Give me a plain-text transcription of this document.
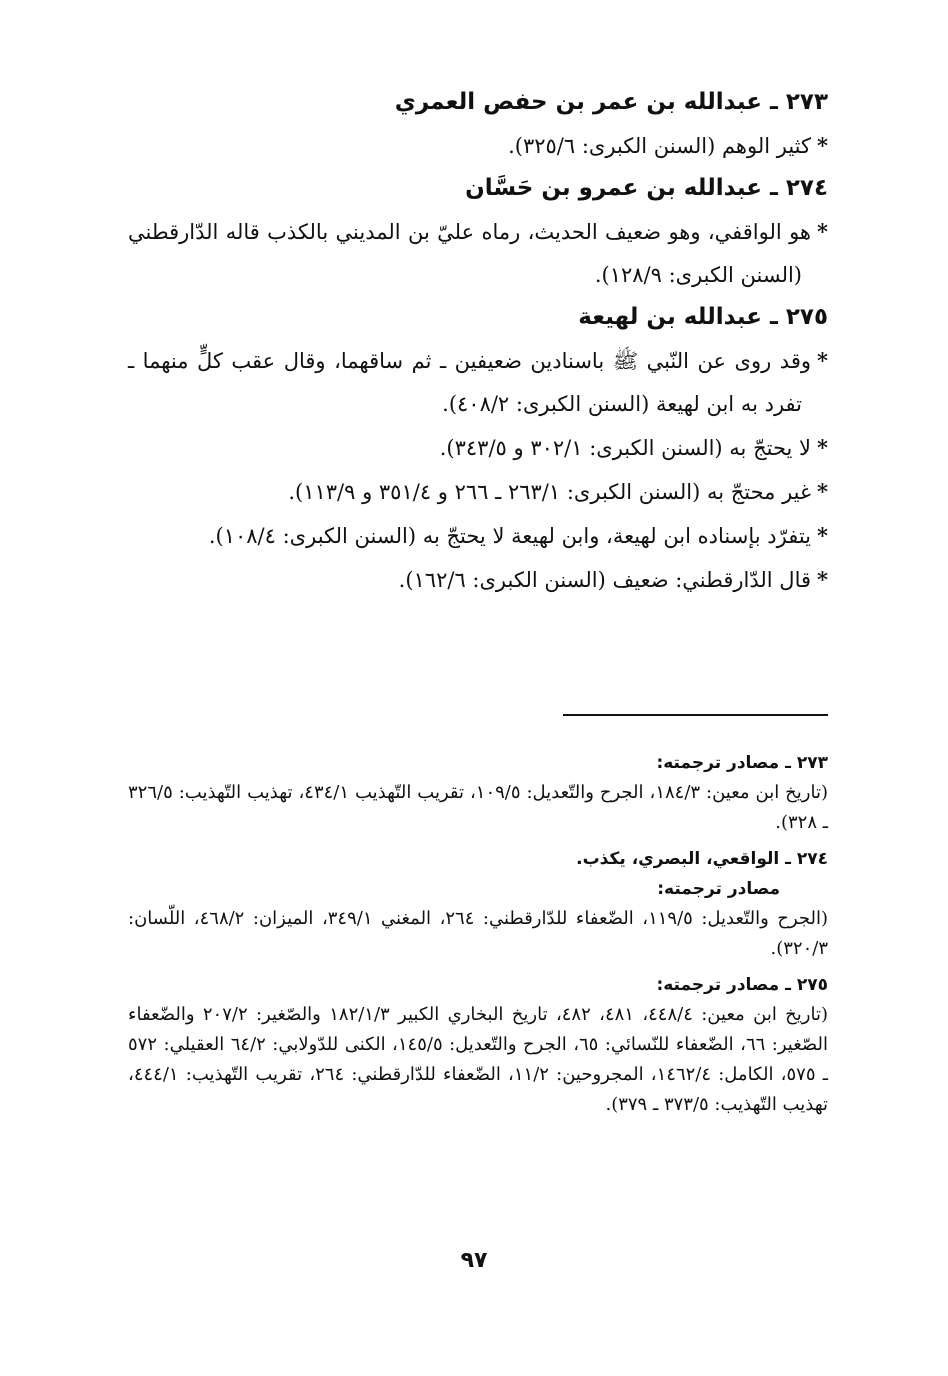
٢٧٣ ـ عبدالله بن عمر بن حفص العمري
*كثير الوهم (السنن الكبرى: ٣٢٥/٦).
٢٧٤ ـ عبدالله بن عمرو بن حَسَّان
*هو الواقفي، وهو ضعيف الحديث، رماه عليّ بن المديني بالكذب قاله الدّارقطني (السنن الكبرى: ١٢٨/٩).
٢٧٥ ـ عبدالله بن لهيعة
*وقد روى عن النّبي ﷺ باسنادين ضعيفين ـ ثم ساقهما، وقال عقب كلٍّ منهما ـ تفرد به ابن لهيعة (السنن الكبرى: ٤٠٨/٢).
*لا يحتجّ به (السنن الكبرى: ٣٠٢/١ و ٣٤٣/٥).
*غير محتجّ به (السنن الكبرى: ٢٦٣/١ ـ ٢٦٦ و ٣٥١/٤ و ١١٣/٩).
*يتفرّد بإسناده ابن لهيعة، وابن لهيعة لا يحتجّ به (السنن الكبرى: ١٠٨/٤).
*قال الدّارقطني: ضعيف (السنن الكبرى: ١٦٢/٦).
٢٧٣ ـ مصادر ترجمته:
(تاريخ ابن معين: ١٨٤/٣، الجرح والتّعديل: ١٠٩/٥، تقريب التّهذيب ٤٣٤/١، تهذيب التّهذيب: ٣٢٦/٥ ـ ٣٢٨).
٢٧٤ ـ الواقعي، البصري، يكذب.
مصادر ترجمته:
(الجرح والتّعديل: ١١٩/٥، الضّعفاء للدّارقطني: ٢٦٤، المغني ٣٤٩/١، الميزان: ٤٦٨/٢، اللّسان: ٣٢٠/٣).
٢٧٥ ـ مصادر ترجمته:
(تاريخ ابن معين: ٤٤٨/٤، ٤٨١، ٤٨٢، تاريخ البخاري الكبير ١٨٢/١/٣ والصّغير: ٢٠٧/٢ والضّعفاء الصّغير: ٦٦، الضّعفاء للنّسائي: ٦٥، الجرح والتّعديل: ١٤٥/٥، الكنى للدّولابي: ٦٤/٢ العقيلي: ٥٧٢ ـ ٥٧٥، الكامل: ١٤٦٢/٤، المجروحين: ١١/٢، الضّعفاء للدّارقطني: ٢٦٤، تقريب التّهذيب: ٤٤٤/١، تهذيب التّهذيب: ٣٧٣/٥ ـ ٣٧٩).
٩٧
